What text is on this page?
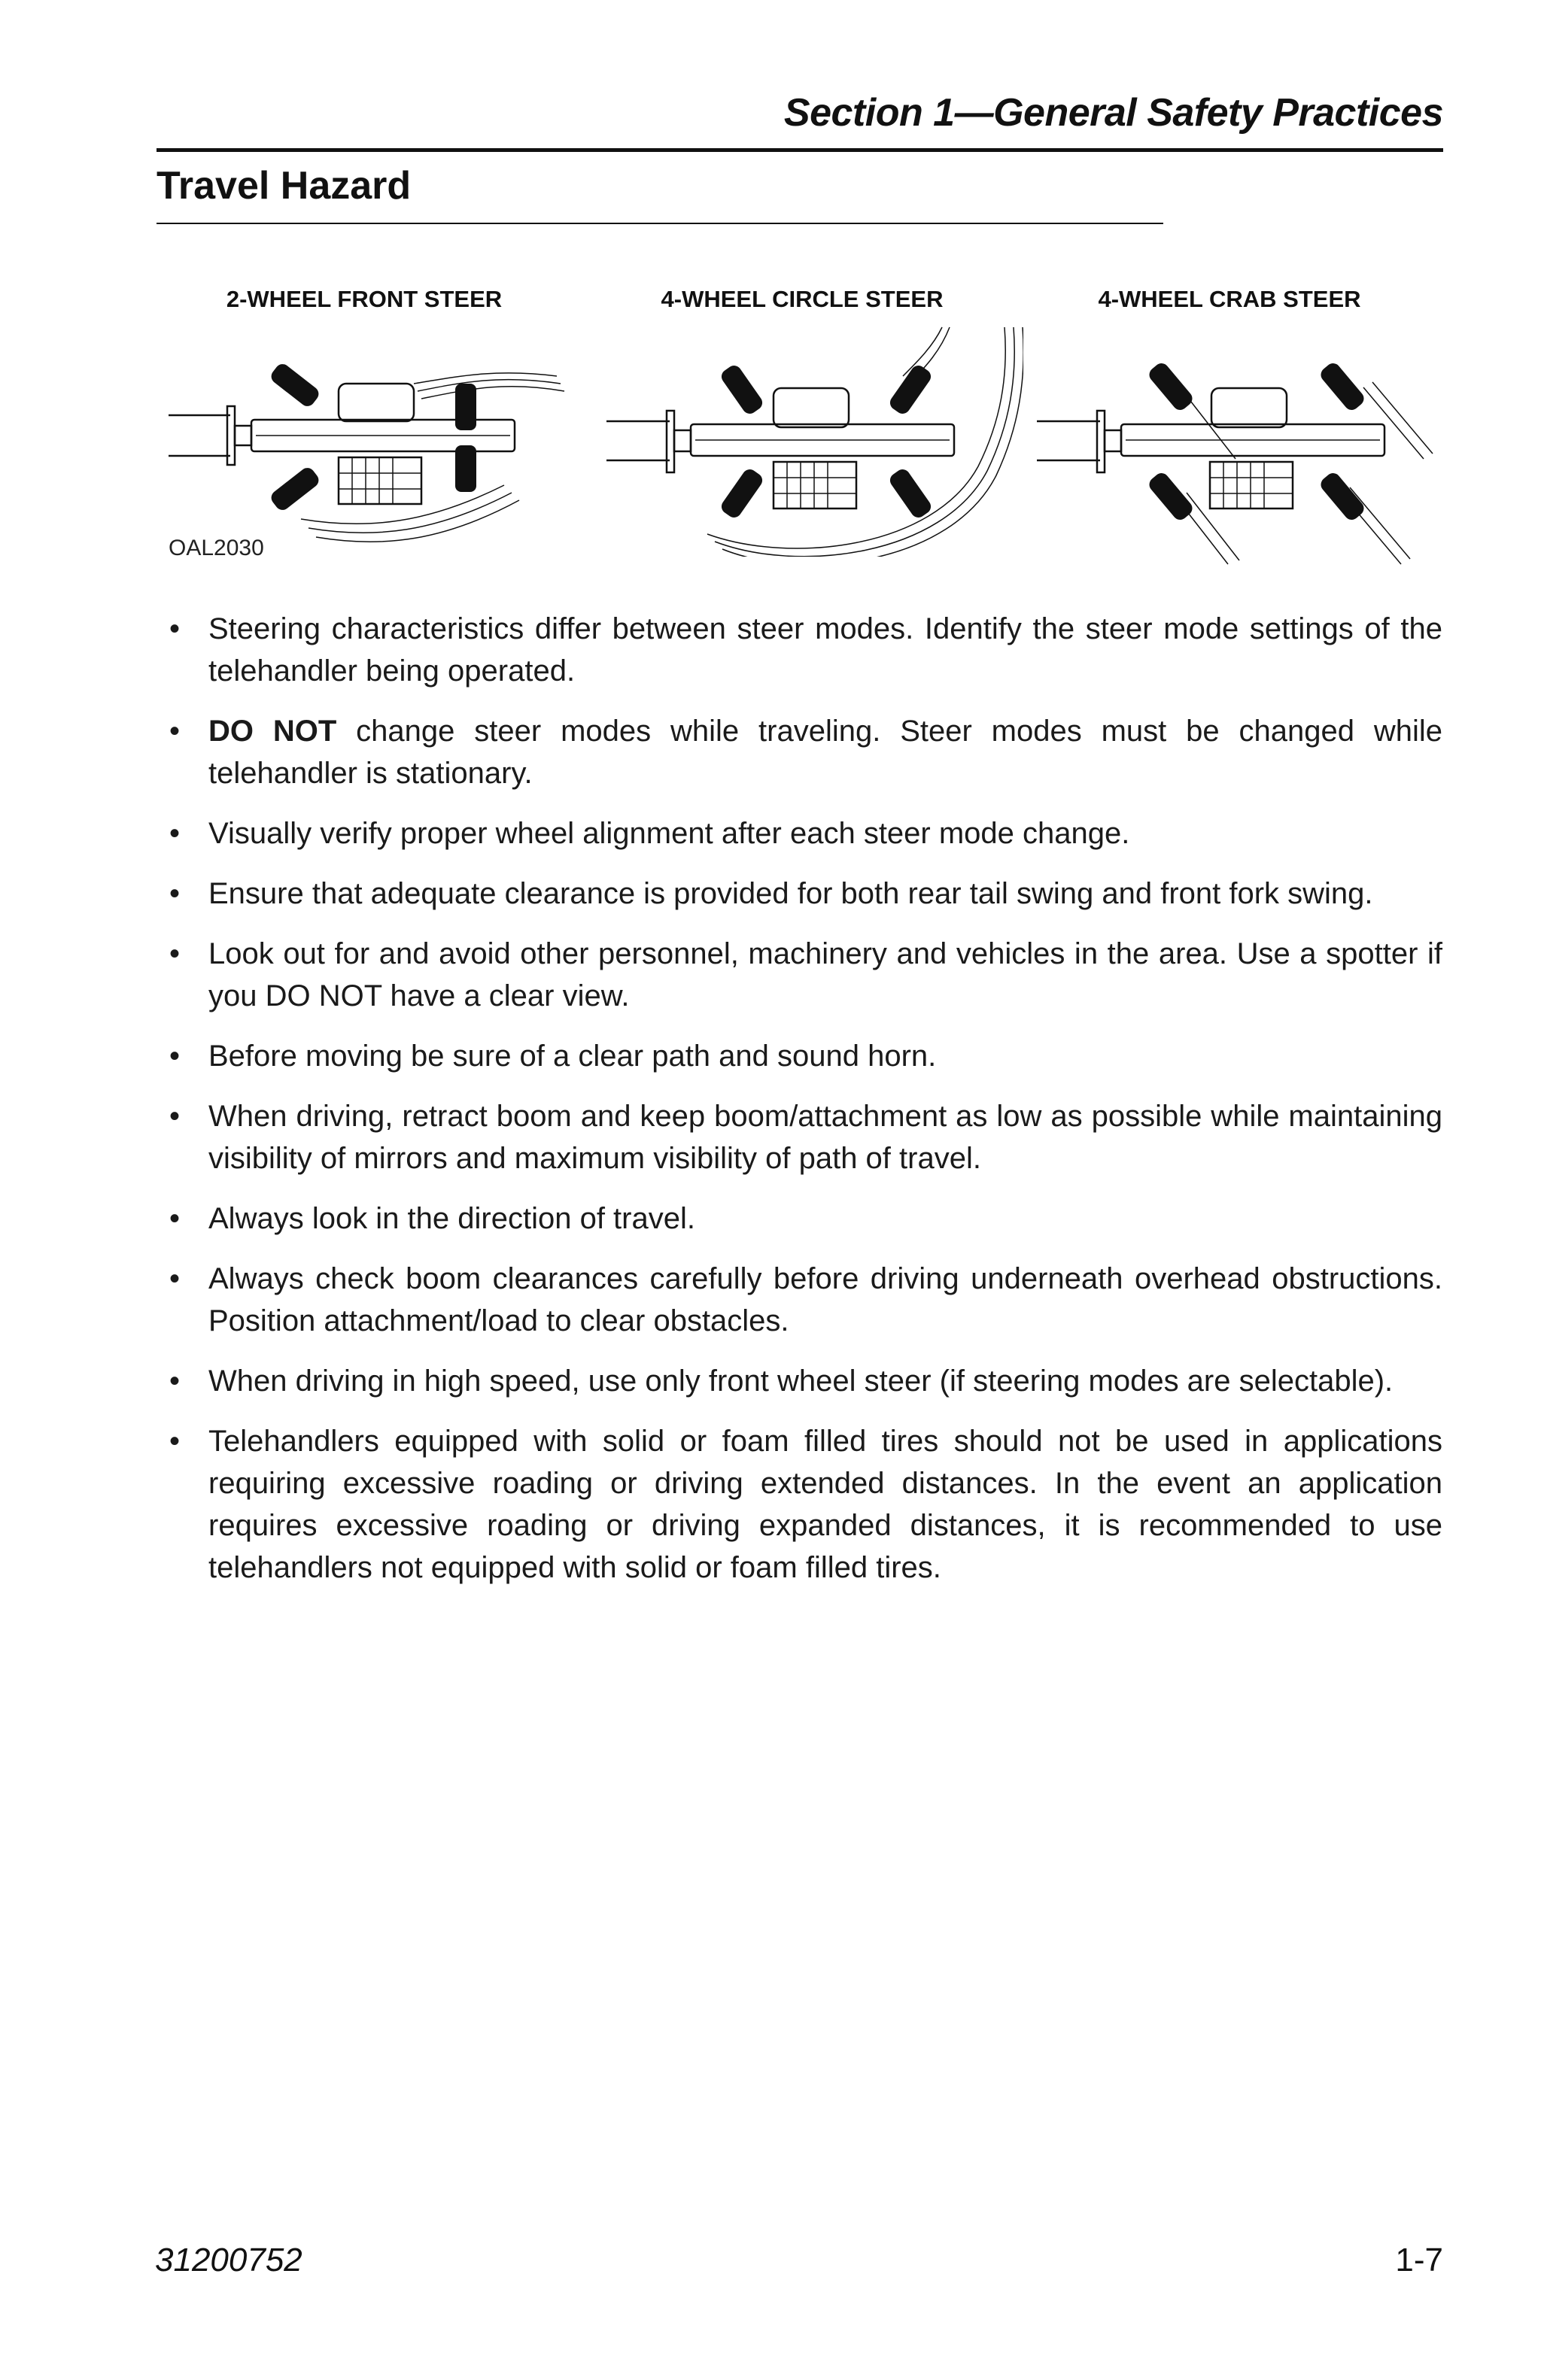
Section 1—General Safety Practices
Travel Hazard
2-WHEEL FRONT STEER	4-WHEEL CIRCLE STEER	4-WHEEL CRAB STEER
OAL2030
• Steering characteristics differ between steer modes. Identify the steer mode settings of the telehandler being operated.
• DO NOT change steer modes while traveling. Steer modes must be changed while telehandler is stationary.
• Visually verify proper wheel alignment after each steer mode change.
• Ensure that adequate clearance is provided for both rear tail swing and front fork swing.
• Look out for and avoid other personnel, machinery and vehicles in the area. Use a spotter if you DO NOT have a clear view.
• Before moving be sure of a clear path and sound horn.
• When driving, retract boom and keep boom/attachment as low as possible while maintaining visibility of mirrors and maximum visibility of path of travel.
• Always look in the direction of travel.
• Always check boom clearances carefully before driving underneath overhead obstructions. Position attachment/load to clear obstacles.
• When driving in high speed, use only front wheel steer (if steering modes are selectable).
• Telehandlers equipped with solid or foam filled tires should not be used in applications requiring excessive roading or driving extended distances. In the event an application requires excessive roading or driving expanded distances, it is recommended to use telehandlers not equipped with solid or foam filled tires.
31200752	1-7
